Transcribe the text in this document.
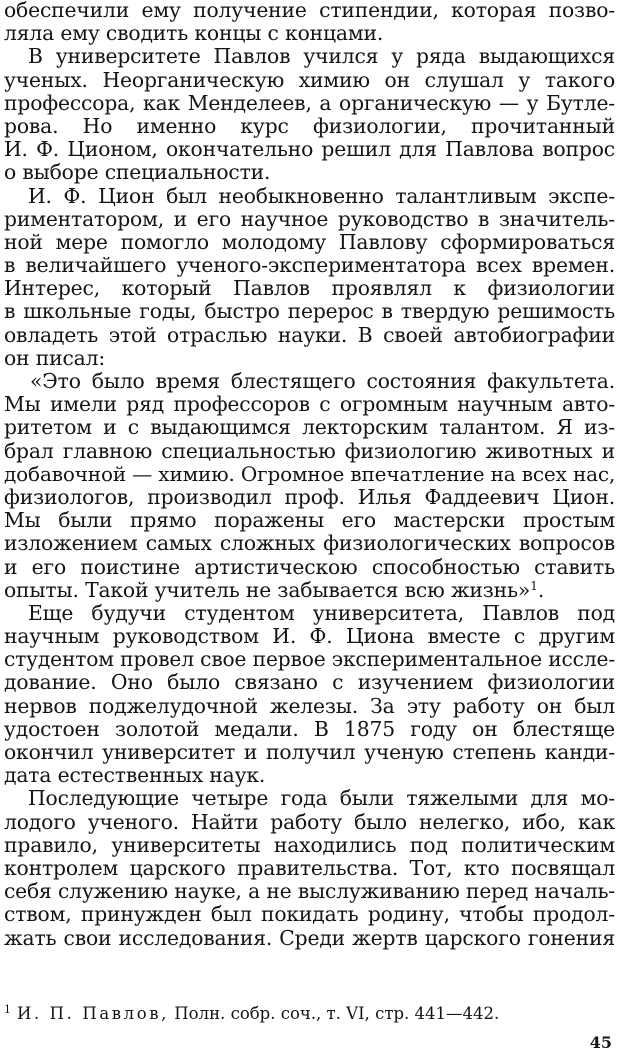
обеспечили ему получение стипендии, которая позво-
ляла ему сводить концы с концами.
В университете Павлов учился у ряда выдающихся
ученых. Неорганическую химию он слушал у такого
профессора, как Менделеев, а органическую — у Бутле-
рова. Но именно курс физиологии, прочитанный
И. Ф. Ционом, окончательно решил для Павлова вопрос
о выборе специальности.
И. Ф. Цион был необыкновенно талантливым экспе-
риментатором, и его научное руководство в значитель-
ной мере помогло молодому Павлову сформироваться
в величайшего ученого-экспериментатора всех времен.
Интерес, который Павлов проявлял к физиологии
в школьные годы, быстро перерос в твердую решимость
овладеть этой отраслью науки. В своей автобиографии
он писал:
«Это было время блестящего состояния факультета.
Мы имели ряд профессоров с огромным научным авто-
ритетом и с выдающимся лекторским талантом. Я из-
брал главною специальностью физиологию животных и
добавочной — химию. Огромное впечатление на всех нас,
физиологов, производил проф. Илья Фаддеевич Цион.
Мы были прямо поражены его мастерски простым
изложением самых сложных физиологических вопросов
и его поистине артистическою способностью ставить
опыты. Такой учитель не забывается всю жизнь»$^1$.
Еще будучи студентом университета, Павлов под
научным руководством И. Ф. Циона вместе с другим
студентом провел свое первое экспериментальное иссле-
дование. Оно было связано с изучением физиологии
нервов поджелудочной железы. За эту работу он был
удостоен золотой медали. В 1875 году он блестяще
окончил университет и получил ученую степень канди-
дата естественных наук.
Последующие четыре года были тяжелыми для мо-
лодого ученого. Найти работу было нелегко, ибо, как
правило, университеты находились под политическим
контролем царского правительства. Тот, кто посвящал
себя служению науке, а не выслуживанию перед началь-
ством, принужден был покидать родину, чтобы продол-
жать свои исследования. Среди жертв царского гонения
$^1$ И. П. Павлов, Полн. собр. соч., т. VI, стр. 441—442.
45
